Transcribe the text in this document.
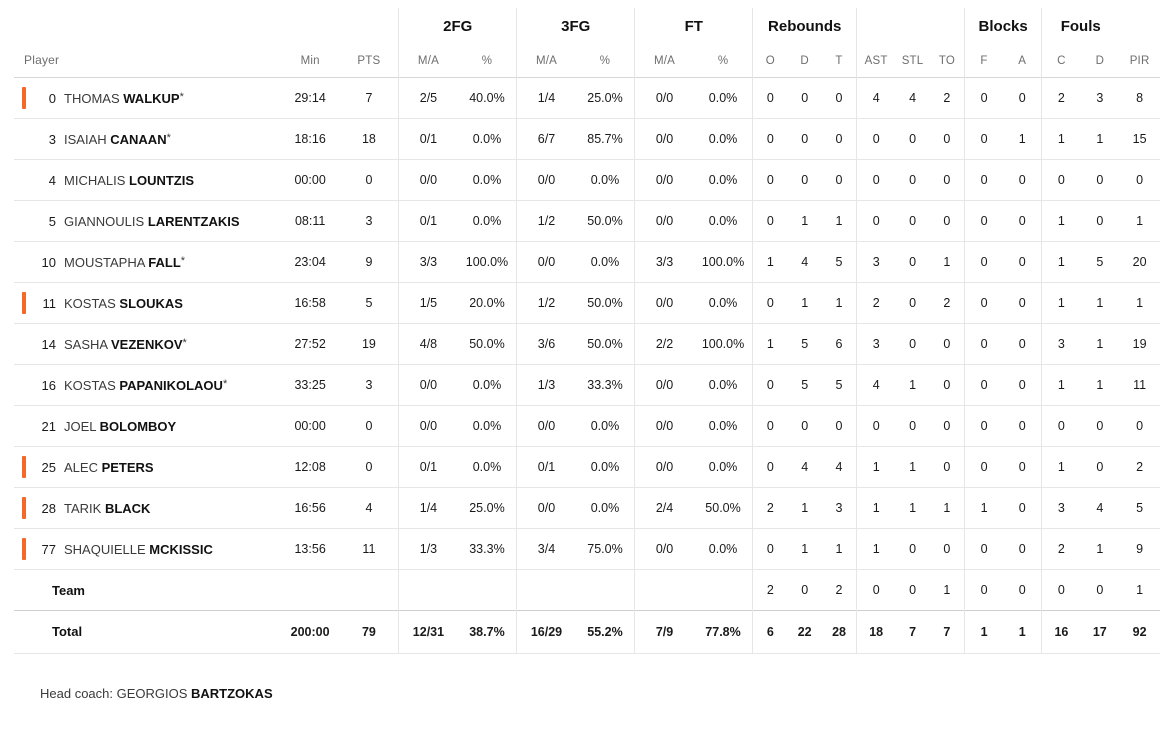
			2FG		3FG		FT		Rebounds						Blocks		Fouls		
Player	Min	PTS	M/A	%	M/A	%	M/A	%	O	D	T	AST	STL	TO	F	A	C	D	PIR

0 THOMAS WALKUP*	29:14	7	2/5	40.0%	1/4	25.0%	0/0	0.0%	0	0	0	4	4	2	0	0	2	3	8
3 ISAIAH CANAAN*	18:16	18	0/1	0.0%	6/7	85.7%	0/0	0.0%	0	0	0	0	0	0	0	1	1	1	15
4 MICHALIS LOUNTZIS	00:00	0	0/0	0.0%	0/0	0.0%	0/0	0.0%	0	0	0	0	0	0	0	0	0	0	0
5 GIANNOULIS LARENTZAKIS	08:11	3	0/1	0.0%	1/2	50.0%	0/0	0.0%	0	1	1	0	0	0	0	0	1	0	1
10 MOUSTAPHA FALL*	23:04	9	3/3	100.0%	0/0	0.0%	3/3	100.0%	1	4	5	3	0	1	0	0	1	5	20

11 KOSTAS SLOUKAS	16:58	5	1/5	20.0%	1/2	50.0%	0/0	0.0%	0	1	1	2	0	2	0	0	1	1	1
14 SASHA VEZENKOV*	27:52	19	4/8	50.0%	3/6	50.0%	2/2	100.0%	1	5	6	3	0	0	0	0	3	1	19
16 KOSTAS PAPANIKOLAOU*	33:25	3	0/0	0.0%	1/3	33.3%	0/0	0.0%	0	5	5	4	1	0	0	0	1	1	11
21 JOEL BOLOMBOY	00:00	0	0/0	0.0%	0/0	0.0%	0/0	0.0%	0	0	0	0	0	0	0	0	0	0	0

25 ALEC PETERS	12:08	0	0/1	0.0%	0/1	0.0%	0/0	0.0%	0	4	4	1	1	0	0	0	1	0	2

28 TARIK BLACK	16:56	4	1/4	25.0%	0/0	0.0%	2/4	50.0%	2	1	3	1	1	1	1	0	3	4	5

77 SHAQUIELLE MCKISSIC	13:56	11	1/3	33.3%	3/4	75.0%	0/0	0.0%	0	1	1	1	0	0	0	0	2	1	9
Team									2	0	2	0	0	1	0	0	0	0	1
Total	200:00	79	12/31	38.7%	16/29	55.2%	7/9	77.8%	6	22	28	18	7	7	1	1	16	17	92
Head coach: GEORGIOS BARTZOKAS
